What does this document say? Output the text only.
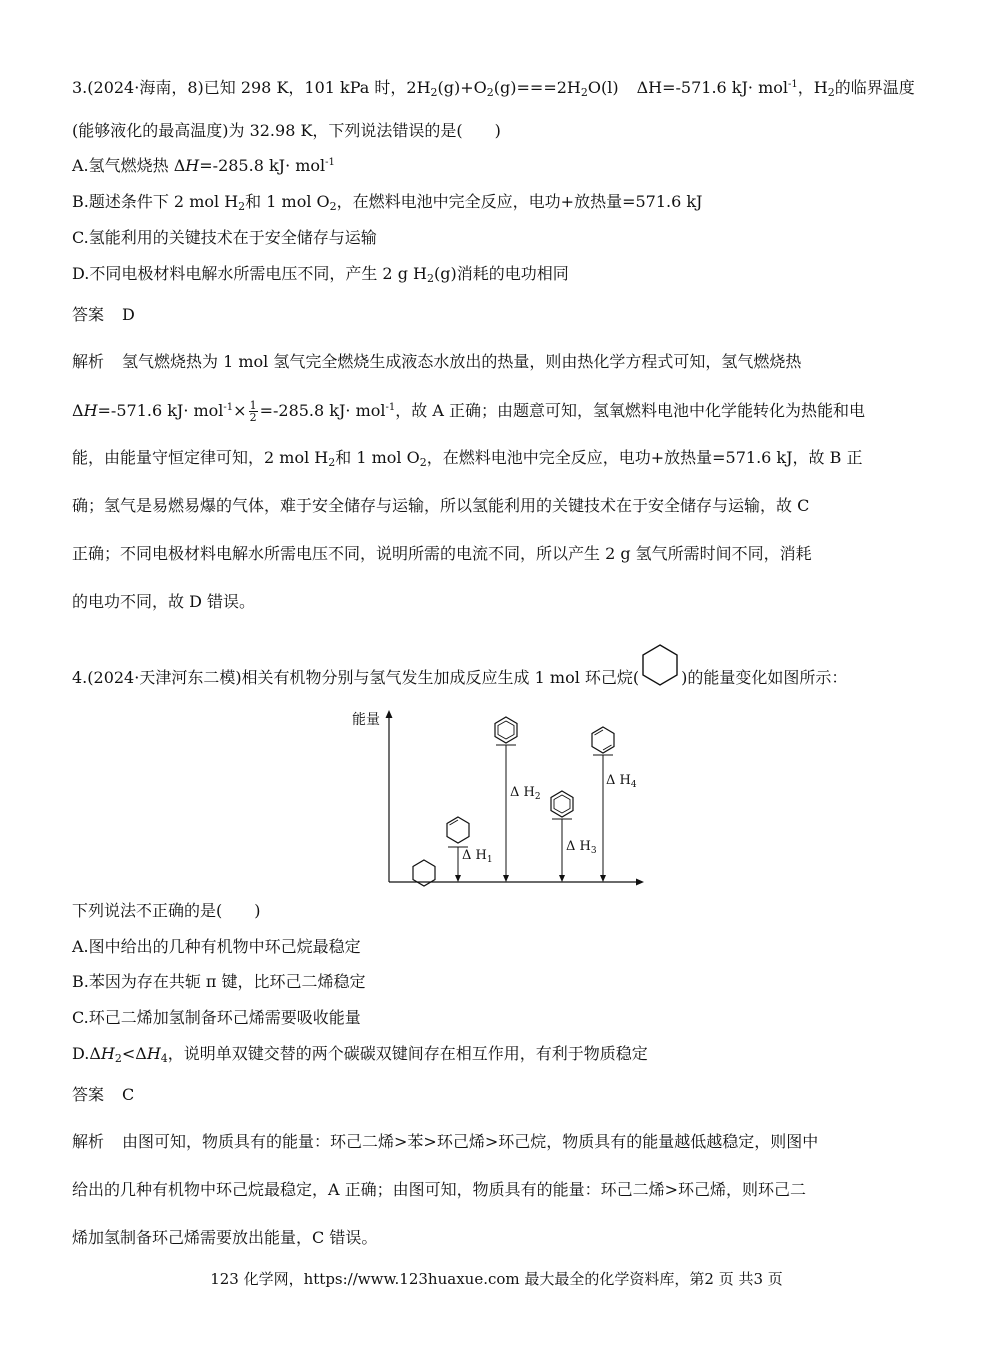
3.(2024·海南，8)已知 298 K，101 kPa 时，$2H_2(g)+O_2(g)===2H_2O(l)$ ΔH=-571.6 kJ· mol$^{-1}$，$H_2$的临界温度
(能够液化的最高温度)为 32.98 K，下列说法错误的是(　　)
A.氢气燃烧热 ΔH=-285.8 kJ· mol$^{-1}$
B.题述条件下 2 mol $H_2$和 1 mol $O_2$，在燃料电池中完全反应，电功+放热量=571.6 kJ
C.氢能利用的关键技术在于安全储存与运输
D.不同电极材料电解水所需电压不同，产生 2 g $H_2(g)$消耗的电功相同
答案 D
解析 氢气燃烧热为 1 mol 氢气完全燃烧生成液态水放出的热量，则由热化学方程式可知，氢气燃烧热
ΔH=-571.6 $kJ\cdot mol^{-1}\times \frac{1}{2} =-285.8$ kJ· mol$^{-1}$，故 A 正确；由题意可知，氢氧燃料电池中化学能转化为热能和电
能，由能量守恒定律可知，2 mol $H_2$和 1 mol $O_2$，在燃料电池中完全反应，电功+放热量=571.6 kJ，故 B 正
确；氢气是易燃易爆的气体，难于安全储存与运输，所以氢能利用的关键技术在于安全储存与运输，故 C
正确；不同电极材料电解水所需电压不同，说明所需的电流不同，所以产生 2 g 氢气所需时间不同，消耗
的电功不同，故 D 错误。
4.(2024·天津河东二模)相关有机物分别与氢气发生加成反应生成 1 mol 环己烷(	)的能量变化如图所示：
能量
Δ $H_1$
Δ $H_2$
Δ $H_3$
Δ $H_4$
下列说法不正确的是(　　)
A.图中给出的几种有机物中环己烷最稳定
B.苯因为存在共轭 π 键，比环己二烯稳定
C.环己二烯加氢制备环己烯需要吸收能量
$D.\Delta H_2<\Delta H_4$，说明单双键交替的两个碳碳双键间存在相互作用，有利于物质稳定
答案 C
解析 由图可知，物质具有的能量：环己二烯>苯>环己烯>环己烷，物质具有的能量越低越稳定，则图中
给出的几种有机物中环己烷最稳定，A 正确；由图可知，物质具有的能量：环己二烯>环己烯，则环己二
烯加氢制备环己烯需要放出能量，C 错误。
123 化学网，https://www.123huaxue.com 最大最全的化学资料库，第2 页 共3 页
